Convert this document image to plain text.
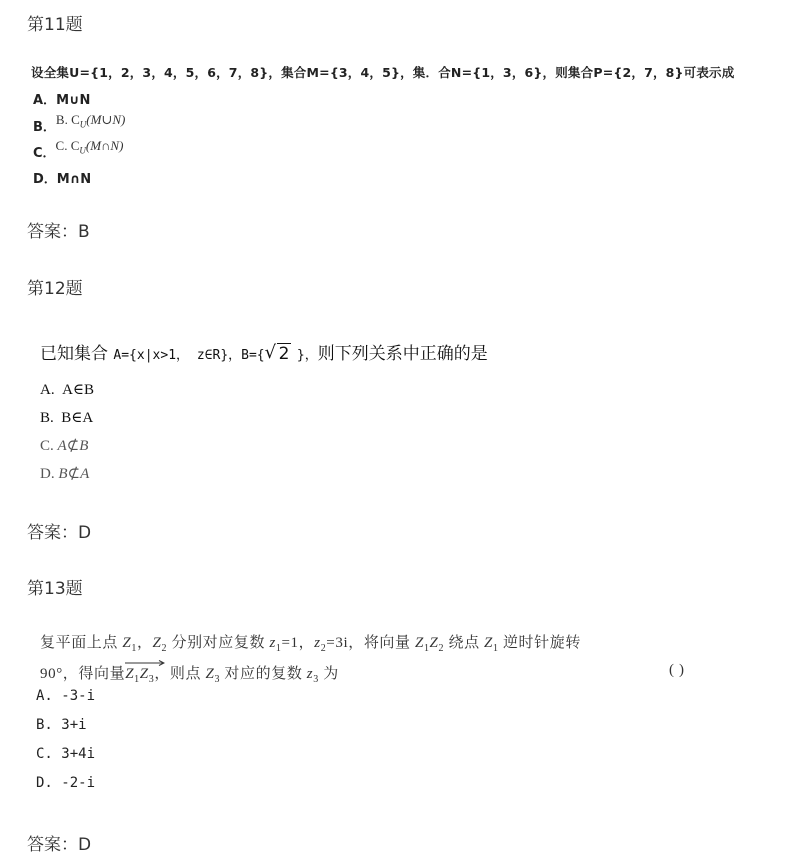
第11题
设全集U={1，2，3，4，5，6，7，8}，集合M={3，4，5}，集．合N={1，3，6}，则集合P={2，7，8}可表示成
A．M∪N
$_{B.}$B. $C_U(M\cup N)$
$_{C.}$C. $C_U(M\cap N)$
D．M∩N
答案：B
第12题
已知集合 A={x|x>1， z∈R}，B={ √ 2 }，则下列关系中正确的是
A. A∈B
B. B∈A
C. A⊄B
D. B⊄A
答案：D
第13题
复平面上点 $Z_1$，$Z_2$ 分别对应复数 $z_1=1$，$z_2=3i$，将向量 $Z_1Z_2$ 绕点 $Z_1$ 逆时针旋转
90°，得向量
$Z_1Z_3$，则点 $Z_3$ 对应的复数 $z_3$ 为	( )
A. -3-i
B. 3+i
C. 3+4i
D. -2-i
答案：D
